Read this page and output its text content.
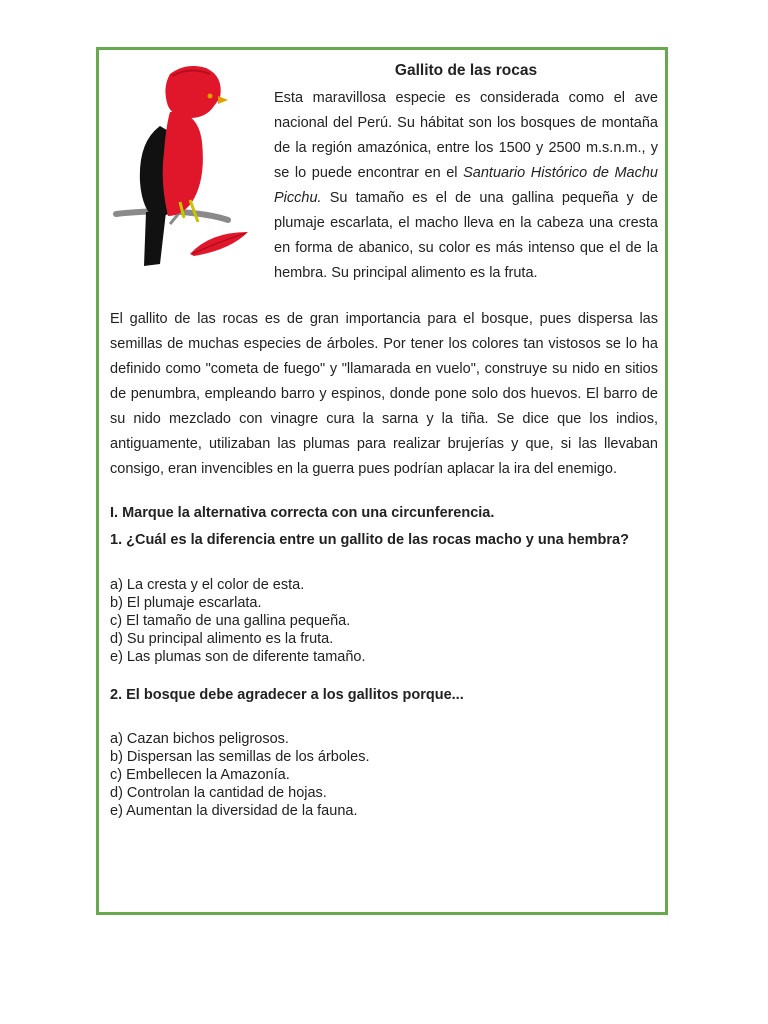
Gallito de las rocas

Esta maravillosa especie es considerada como el ave nacional del Perú. Su hábitat son los bosques de montaña de la región amazónica, entre los 1500 y 2500 m.s.n.m., y se lo puede encontrar en el Santuario Histórico de Machu Picchu. Su tamaño es el de una gallina pequeña y de plumaje escarlata, el macho lleva en la cabeza una cresta en forma de abanico, su color es más intenso que el de la hembra. Su principal alimento es la fruta.

El gallito de las rocas es de gran importancia para el bosque, pues dispersa las semillas de muchas especies de árboles. Por tener los colores tan vistosos se lo ha definido como "cometa de fuego" y "llamarada en vuelo", construye su nido en sitios de penumbra, empleando barro y espinos, donde pone solo dos huevos. El barro de su nido mezclado con vinagre cura la sarna y la tiña. Se dice que los indios, antiguamente, utilizaban las plumas para realizar brujerías y que, si las llevaban consigo, eran invencibles en la guerra pues podrían aplacar la ira del enemigo.

I. Marque la alternativa correcta con una circunferencia.
1. ¿Cuál es la diferencia entre un gallito de las rocas macho y una hembra?
a) La cresta y el color de esta.
b) El plumaje escarlata.
c) El tamaño de una gallina pequeña.
d) Su principal alimento es la fruta.
e) Las plumas son de diferente tamaño.
2. El bosque debe agradecer a los gallitos porque...
a) Cazan bichos peligrosos.
b) Dispersan las semillas de los árboles.
c) Embellecen la Amazonía.
d) Controlan la cantidad de hojas.
e) Aumentan la diversidad de la fauna.
